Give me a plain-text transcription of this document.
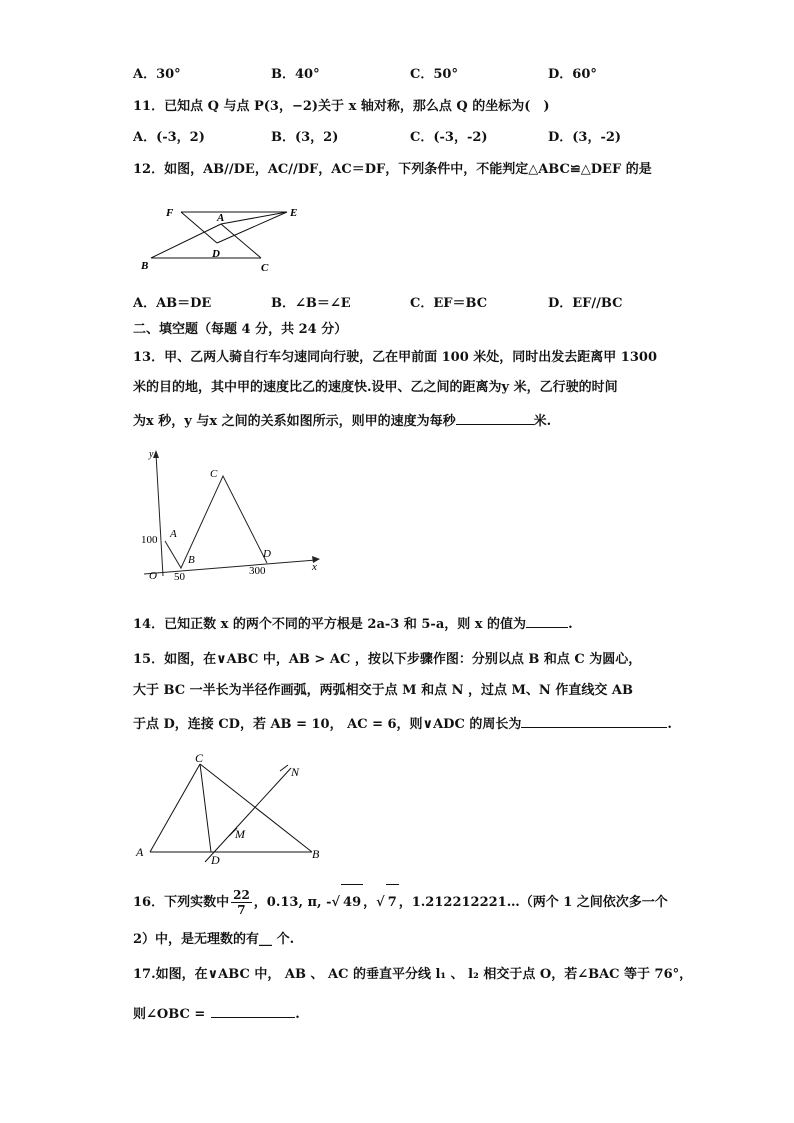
A．30°	B．40°	C．50°	D．60°
11．已知点 Q 与点 P(3，−2)关于 x 轴对称，那么点 Q 的坐标为(　)
A．(-3，2)	B．(3，2)	C．(-3，-2)	D．(3，-2)
12．如图，AB//DE，AC//DF，AC＝DF，下列条件中，不能判定△ABC≌△DEF 的是
F	A	E
D
B	C
A．AB＝DE	B．∠B＝∠E	C．EF＝BC	D．EF//BC
二、填空题（每题 4 分，共 24 分）
13．甲、乙两人骑自行车匀速同向行驶，乙在甲前面 100 米处，同时出发去距离甲 1300
米的目的地，其中甲的速度比乙的速度快.设甲、乙之间的距离为y 米，乙行驶的时间
为x 秒，y 与x 之间的关系如图所示，则甲的速度为每秒	米.
y
x
O
A
B
C
D
100
50	300
14．已知正数 x 的两个不同的平方根是 2a-3 和 5-a，则 x 的值为	.
15．如图，在∨ABC 中，AB > AC ，按以下步骤作图：分别以点 B 和点 C 为圆心，
大于 BC 一半长为半径作画弧，两弧相交于点 M 和点 N ，过点 M、N 作直线交 AB
于点 D，连接 CD，若 AB = 10， AC = 6，则∨ADC 的周长为	.
C
N
M
A
D	B
16．下列实数中 $\frac{22}{7}$ ，0.13, π, -√ 49 ，√ 7 ，1.212212221…（两个 1 之间依次多一个
2）中，是无理数的有__ 个.
17.如图，在∨ABC 中， AB 、 AC 的垂直平分线 l₁ 、 l₂ 相交于点 O，若∠BAC 等于 76°，
则∠OBC =	.
